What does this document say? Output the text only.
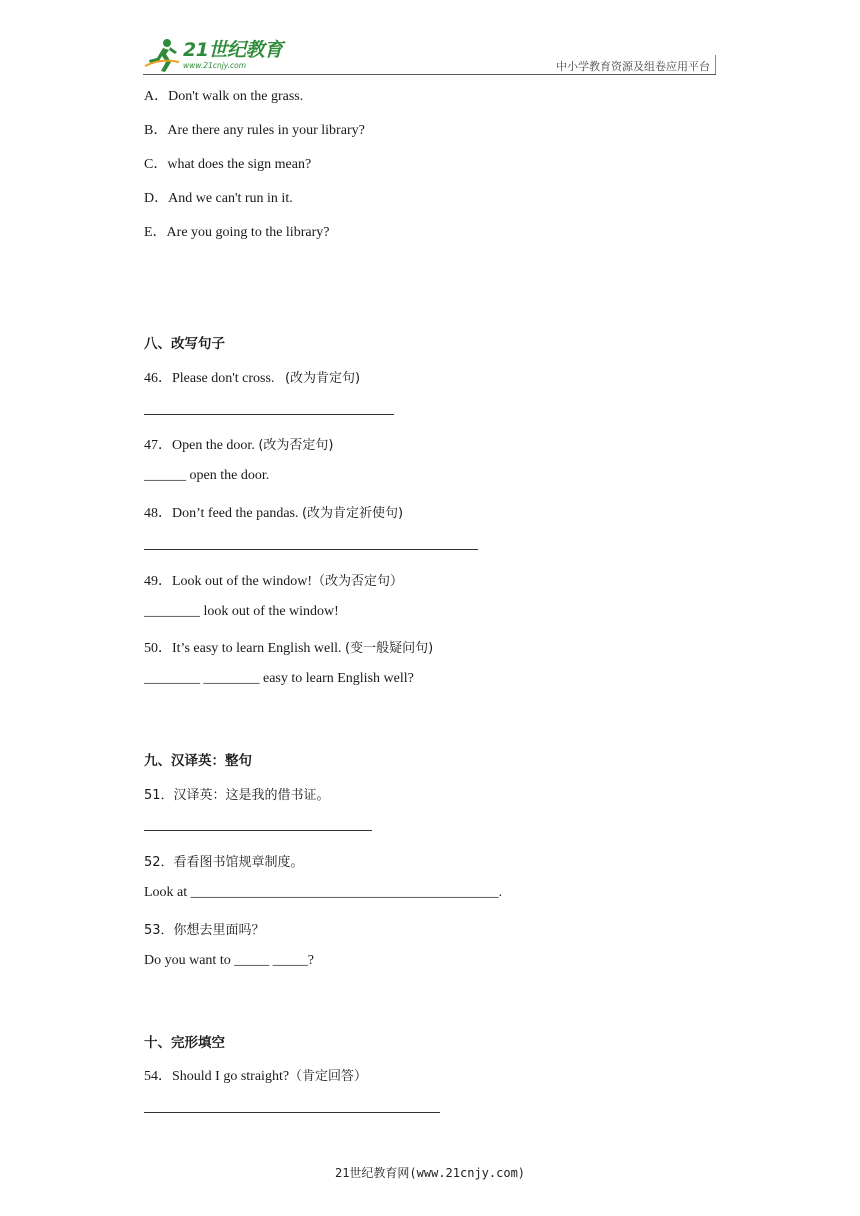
21世纪教育
www.21cnjy.com	中小学教育资源及组卷应用平台
A．Don't walk on the grass.
B．Are there any rules in your library?
C．what does the sign mean?
D．And we can't run in it.
E．Are you going to the library?
八、改写句子
46．Please don't cross. (改为肯定句)
47．Open the door. (改为否定句)
______ open the door.
48．Don’t feed the pandas. (改为肯定祈使句)
49．Look out of the window!（改为否定句）
________ look out of the window!
50．It’s easy to learn English well. (变一般疑问句)
________ ________ easy to learn English well?
九、汉译英：整句
51．汉译英：这是我的借书证。
52．看看图书馆规章制度。
Look at ____________________________________________.
53．你想去里面吗？
Do you want to _____ _____?
十、完形填空
54．Should I go straight?（肯定回答）
21世纪教育网(www.21cnjy.com)
